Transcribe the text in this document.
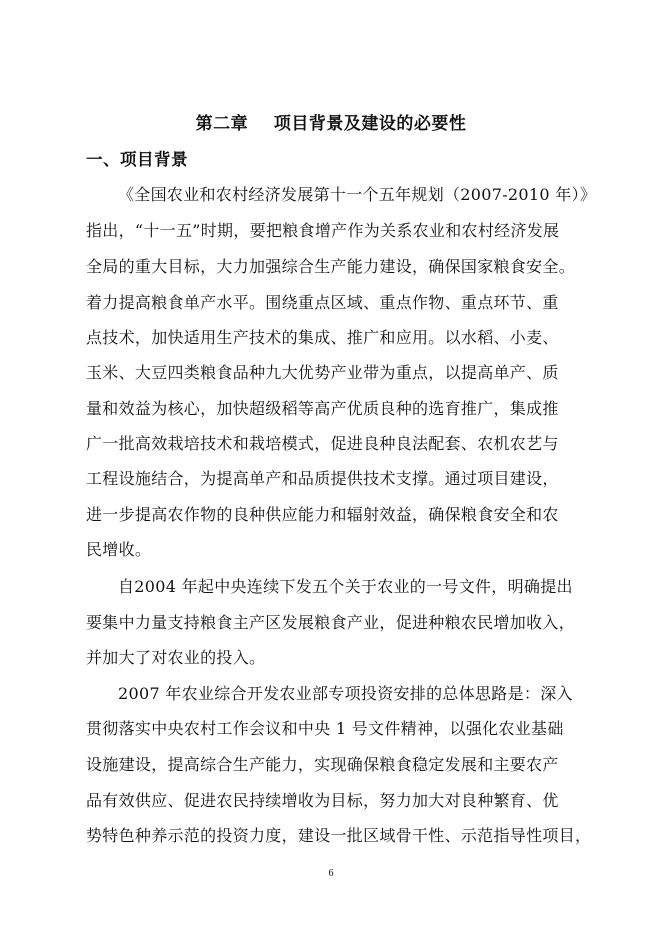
第二章    项目背景及建设的必要性
一、项目背景
《全国农业和农村经济发展第十一个五年规划（2007-2010 年）》
指出，“十一五”时期，要把粮食增产作为关系农业和农村经济发展
全局的重大目标，大力加强综合生产能力建设，确保国家粮食安全。
着力提高粮食单产水平。围绕重点区域、重点作物、重点环节、重
点技术，加快适用生产技术的集成、推广和应用。以水稻、小麦、
玉米、大豆四类粮食品种九大优势产业带为重点，以提高单产、质
量和效益为核心，加快超级稻等高产优质良种的选育推广，集成推
广一批高效栽培技术和栽培模式，促进良种良法配套、农机农艺与
工程设施结合，为提高单产和品质提供技术支撑。通过项目建设，
进一步提高农作物的良种供应能力和辐射效益，确保粮食安全和农
民增收。
自2004 年起中央连续下发五个关于农业的一号文件，明确提出
要集中力量支持粮食主产区发展粮食产业，促进种粮农民增加收入，
并加大了对农业的投入。
2007 年农业综合开发农业部专项投资安排的总体思路是：深入
贯彻落实中央农村工作会议和中央 1 号文件精神，以强化农业基础
设施建设，提高综合生产能力，实现确保粮食稳定发展和主要农产
品有效供应、促进农民持续增收为目标，努力加大对良种繁育、优
势特色种养示范的投资力度，建设一批区域骨干性、示范指导性项目，
6
